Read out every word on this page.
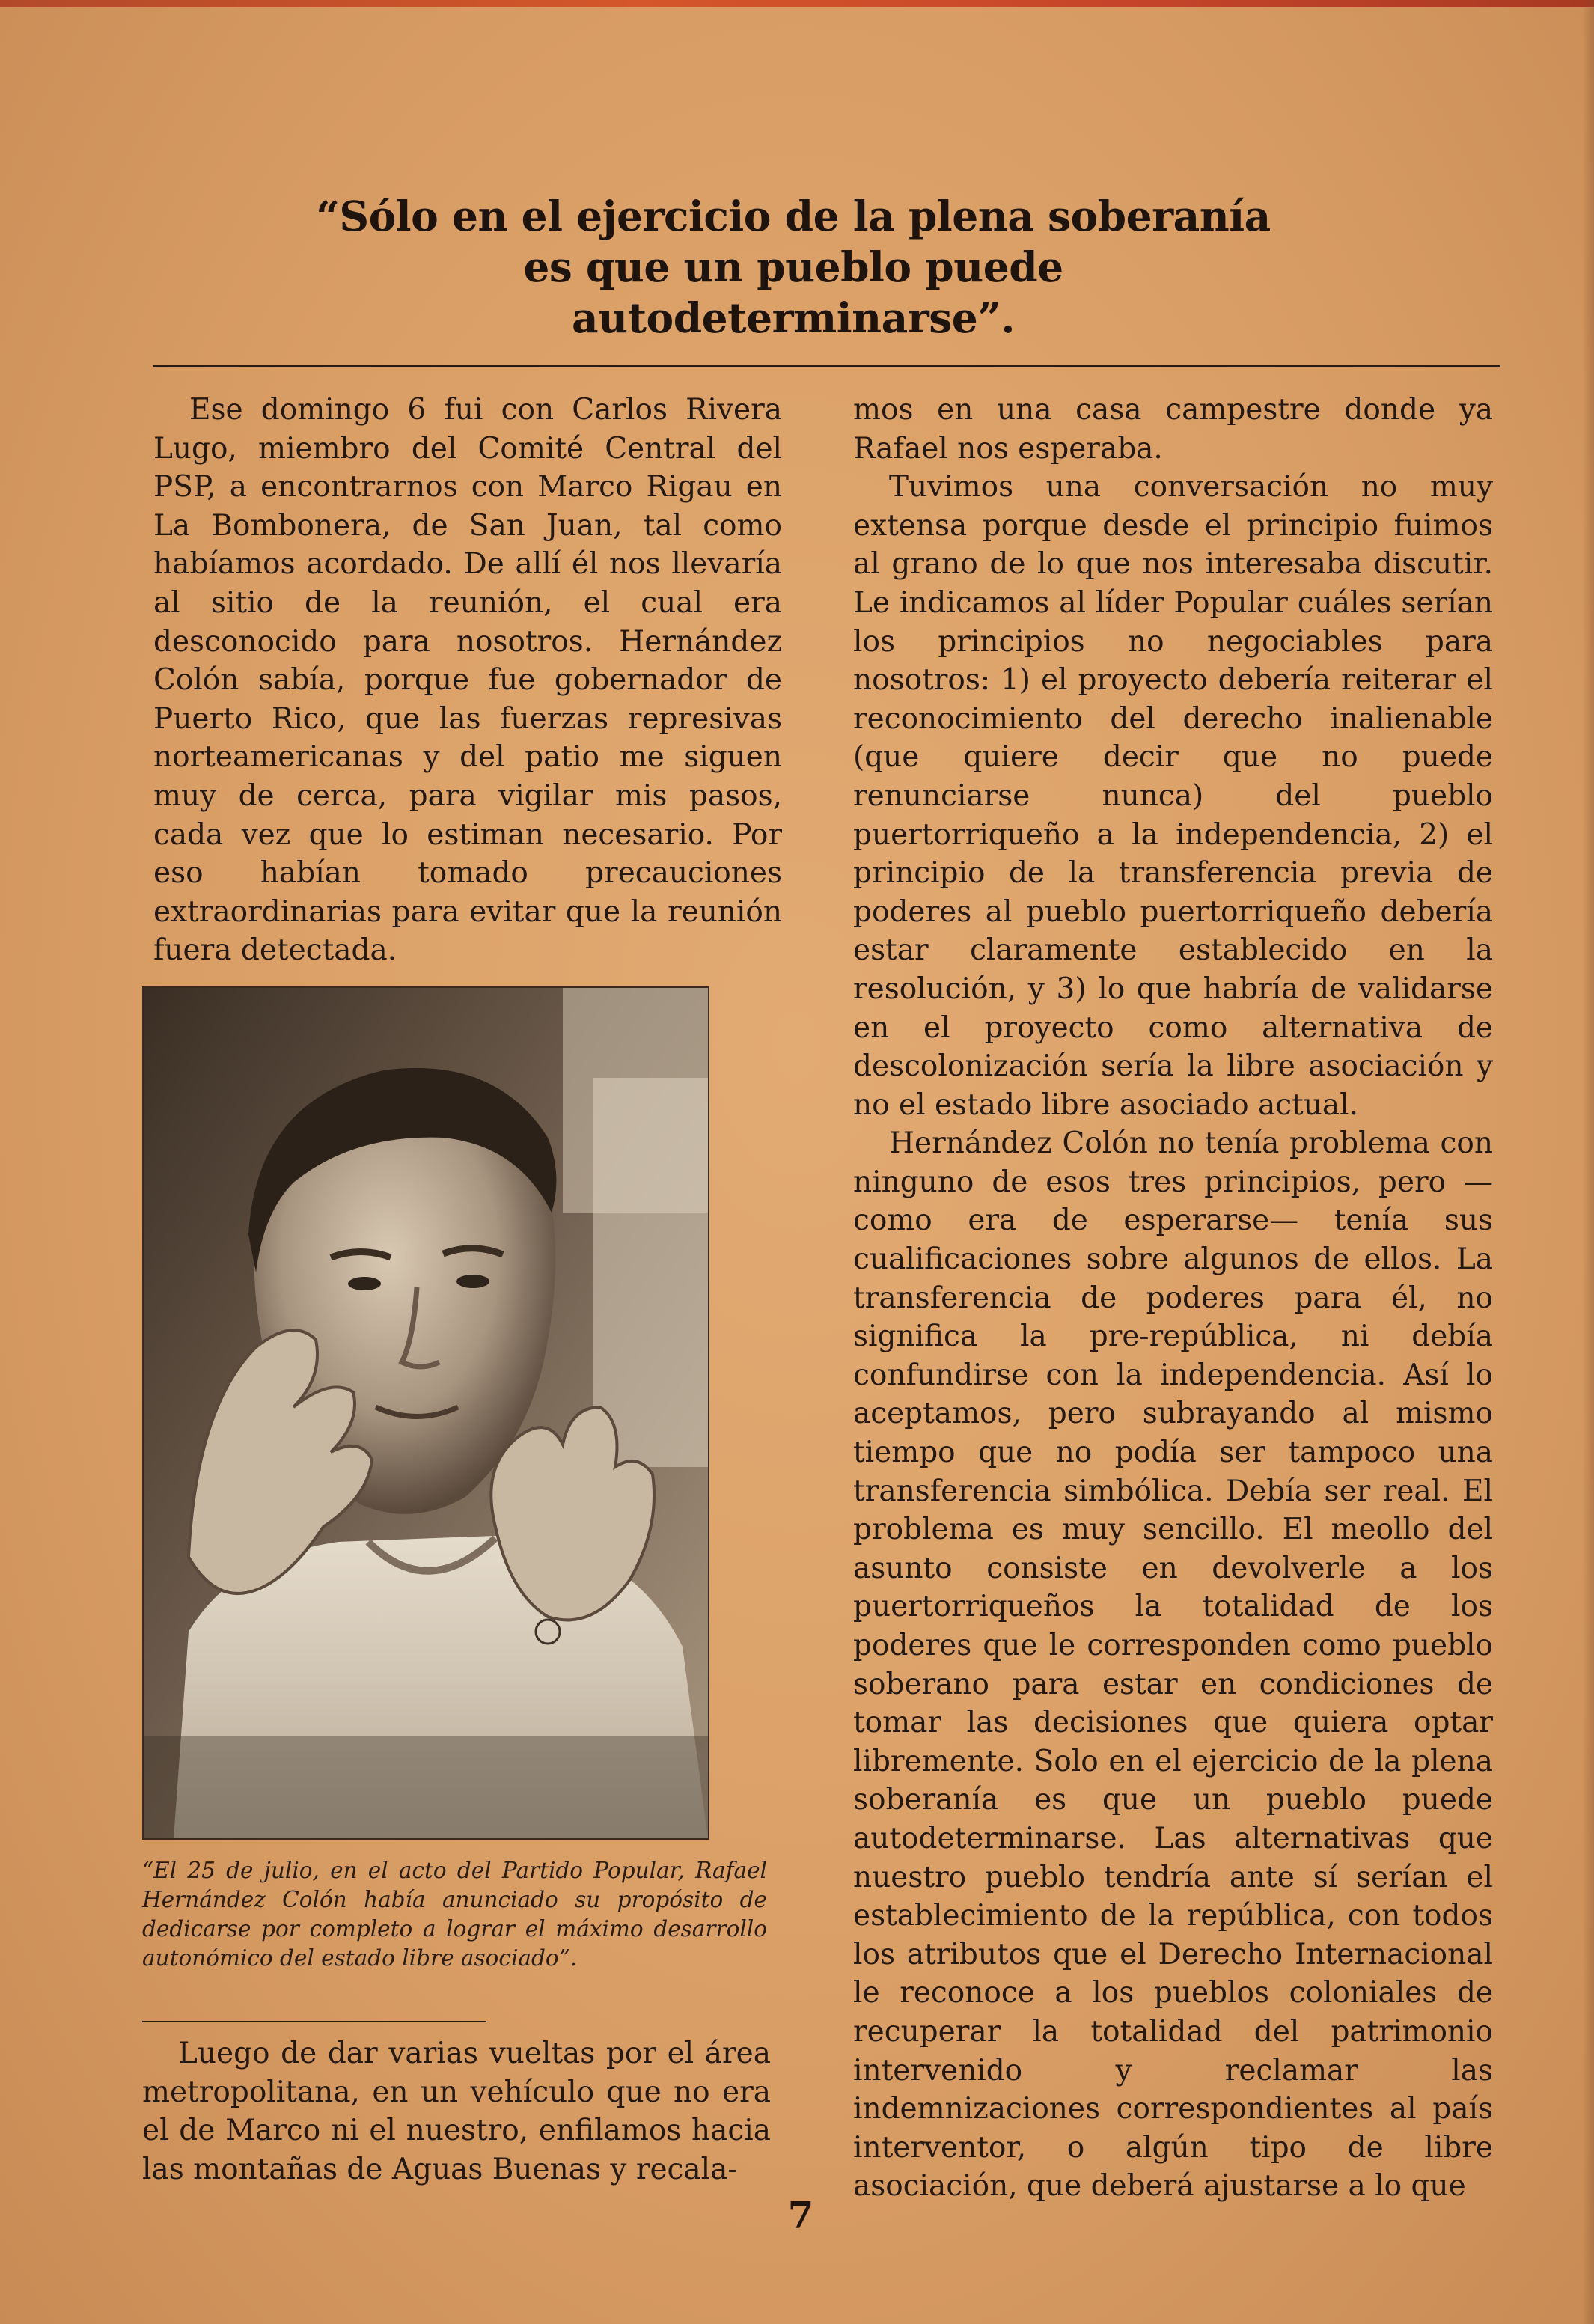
“Sólo en el ejercicio de la plena soberanía
es que un pueblo puede
autodeterminarse”.

Ese domingo 6 fui con Carlos Rivera Lugo, miembro del Comité Central del PSP, a encontrarnos con Marco Rigau en La Bombonera, de San Juan, tal como habíamos acordado. De allí él nos llevaría al sitio de la reunión, el cual era desconocido para nosotros. Hernández Colón sabía, porque fue gobernador de Puerto Rico, que las fuerzas represivas norteamericanas y del patio me siguen muy de cerca, para vigilar mis pasos, cada vez que lo estiman necesario. Por eso habían tomado precauciones extraordinarias para evitar que la reunión fuera detectada.

“El 25 de julio, en el acto del Partido Popular, Rafael Hernández Colón había anunciado su propósito de dedicarse por completo a lograr el máximo desarrollo autonómico del estado libre asociado”.

Luego de dar varias vueltas por el área metropolitana, en un vehículo que no era el de Marco ni el nuestro, enfilamos hacia las montañas de Aguas Buenas y recala-

mos en una casa campestre donde ya Rafael nos esperaba.

Tuvimos una conversación no muy extensa porque desde el principio fuimos al grano de lo que nos interesaba discutir. Le indicamos al líder Popular cuáles serían los principios no negociables para nosotros: 1) el proyecto debería reiterar el reconocimiento del derecho inalienable (que quiere decir que no puede renunciarse nunca) del pueblo puertorriqueño a la independencia, 2) el principio de la transferencia previa de poderes al pueblo puertorriqueño debería estar claramente establecido en la resolución, y 3) lo que habría de validarse en el proyecto como alternativa de descolonización sería la libre asociación y no el estado libre asociado actual.

Hernández Colón no tenía problema con ninguno de esos tres principios, pero —como era de esperarse— tenía sus cualificaciones sobre algunos de ellos. La transferencia de poderes para él, no significa la pre-república, ni debía confundirse con la independencia. Así lo aceptamos, pero subrayando al mismo tiempo que no podía ser tampoco una transferencia simbólica. Debía ser real. El problema es muy sencillo. El meollo del asunto consiste en devolverle a los puertorriqueños la totalidad de los poderes que le corresponden como pueblo soberano para estar en condiciones de tomar las decisiones que quiera optar libremente. Solo en el ejercicio de la plena soberanía es que un pueblo puede autodeterminarse. Las alternativas que nuestro pueblo tendría ante sí serían el establecimiento de la república, con todos los atributos que el Derecho Internacional le reconoce a los pueblos coloniales de recuperar la totalidad del patrimonio intervenido y reclamar las indemnizaciones correspondientes al país interventor, o algún tipo de libre asociación, que deberá ajustarse a lo que

7
